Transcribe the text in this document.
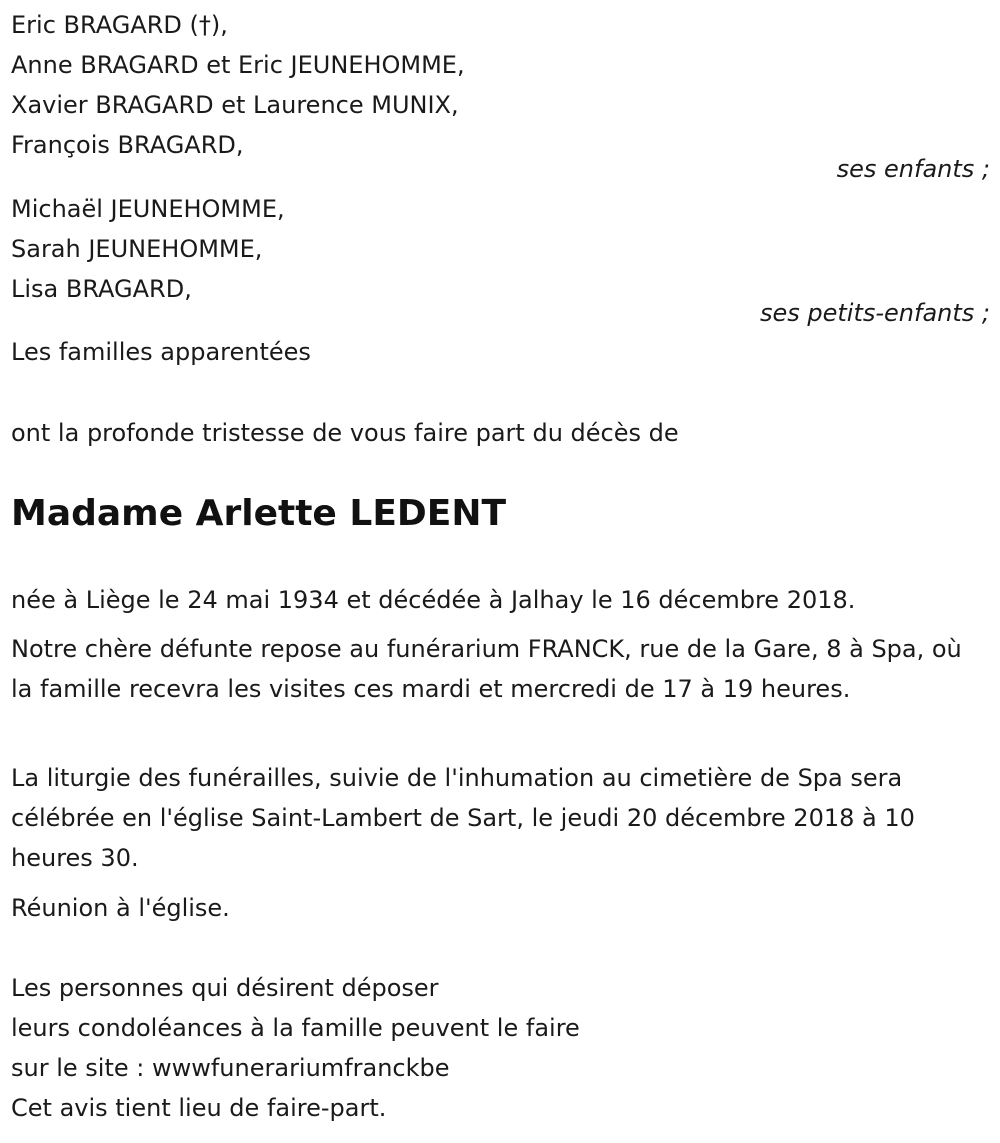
Eric BRAGARD (†),
Anne BRAGARD et Eric JEUNEHOMME,
Xavier BRAGARD et Laurence MUNIX,
François BRAGARD,
ses enfants ;
Michaël JEUNEHOMME,
Sarah JEUNEHOMME,
Lisa BRAGARD,
ses petits-enfants ;
Les familles apparentées
ont la profonde tristesse de vous faire part du décès de
Madame Arlette LEDENT
née à Liège le 24 mai 1934 et décédée à Jalhay le 16 décembre 2018.
Notre chère défunte repose au funérarium FRANCK, rue de la Gare, 8 à Spa, où la famille recevra les visites ces mardi et mercredi de 17 à 19 heures.
La liturgie des funérailles, suivie de l'inhumation au cimetière de Spa sera célébrée en l'église Saint-Lambert de Sart, le jeudi 20 décembre 2018 à 10 heures 30.
Réunion à l'église.
Les personnes qui désirent déposer
leurs condoléances à la famille peuvent le faire
sur le site : wwwfunerariumfranckbe
Cet avis tient lieu de faire-part.
